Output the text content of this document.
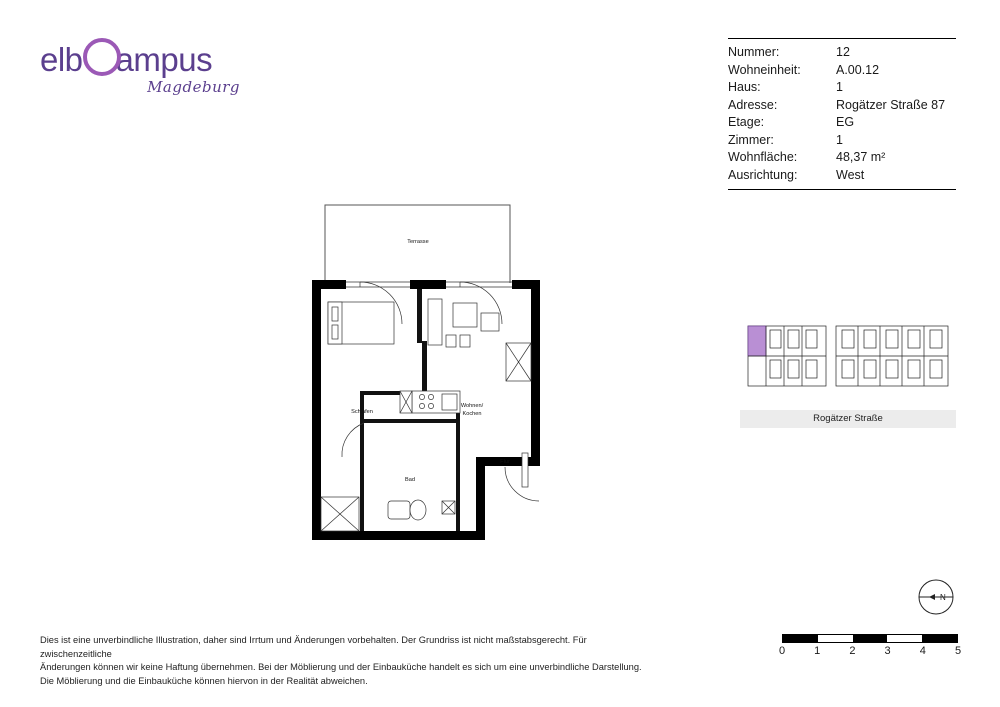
elb ampus
Magdeburg
Nummer:	12
Wohneinheit:	A.00.12
Haus:	1
Adresse:	Rogätzer Straße 87
Etage:	EG
Zimmer:	1
Wohnfläche:	48,37 m²
Ausrichtung:	West
Terrasse
Schlafen
Wohnen/
Kochen
Bad
Flur
Rogätzer Straße
N
0	1	2	3	4	5
Dies ist eine unverbindliche Illustration, daher sind Irrtum und Änderungen vorbehalten. Der Grundriss ist nicht maßstabsgerecht. Für zwischenzeitliche
Änderungen können wir keine Haftung übernehmen. Bei der Möblierung und der Einbauküche handelt es sich um eine unverbindliche Darstellung.
Die Möblierung und die Einbauküche können hiervon in der Realität abweichen.
